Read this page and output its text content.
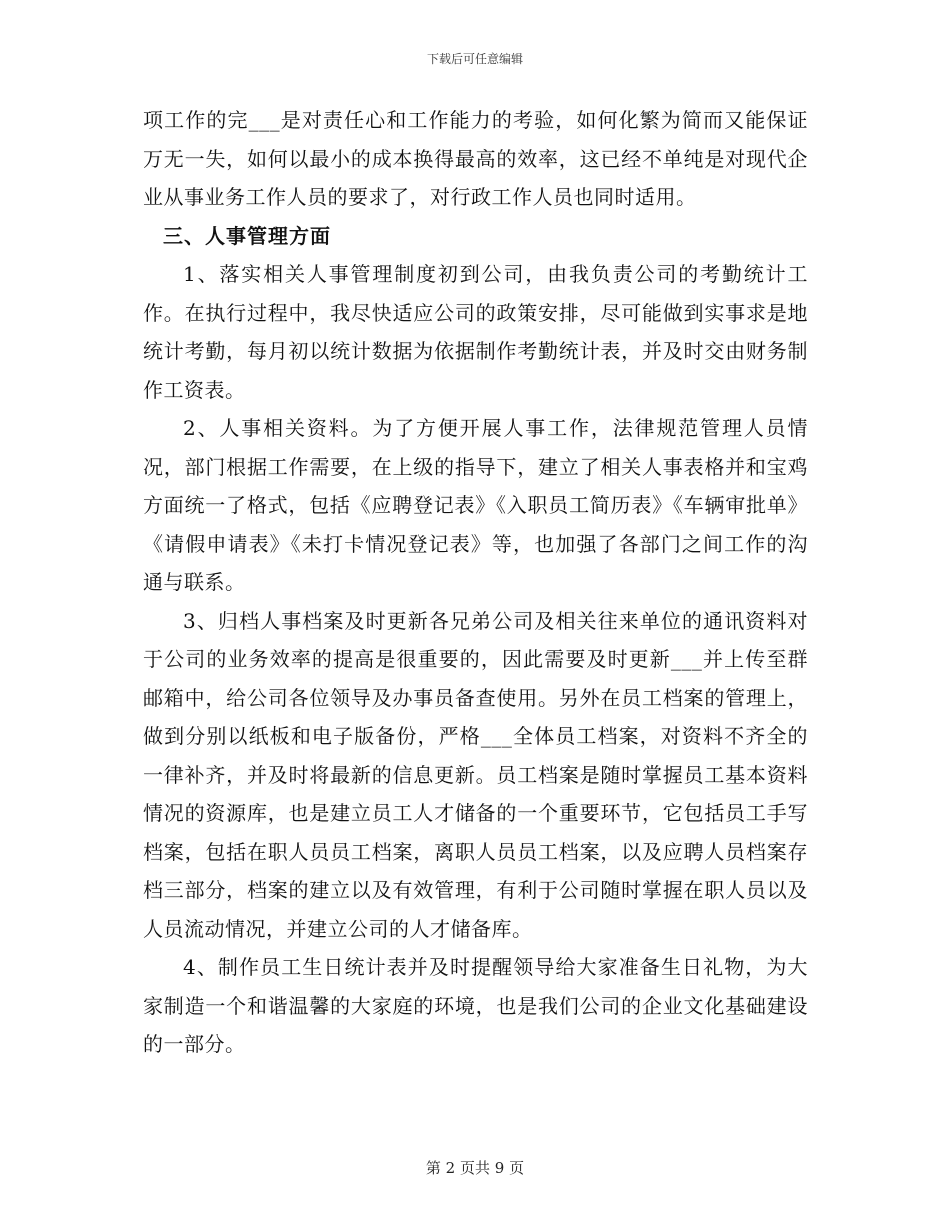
下载后可任意编辑

项工作的完___是对责任心和工作能力的考验，如何化繁为简而又能保证万无一失，如何以最小的成本换得最高的效率，这已经不单纯是对现代企业从事业务工作人员的要求了，对行政工作人员也同时适用。

三、人事管理方面

1、落实相关人事管理制度初到公司，由我负责公司的考勤统计工作。在执行过程中，我尽快适应公司的政策安排，尽可能做到实事求是地统计考勤，每月初以统计数据为依据制作考勤统计表，并及时交由财务制作工资表。

2、人事相关资料。为了方便开展人事工作，法律规范管理人员情况，部门根据工作需要，在上级的指导下，建立了相关人事表格并和宝鸡方面统一了格式，包括《应聘登记表》《入职员工简历表》《车辆审批单》《请假申请表》《未打卡情况登记表》等，也加强了各部门之间工作的沟通与联系。

3、归档人事档案及时更新各兄弟公司及相关往来单位的通讯资料对于公司的业务效率的提高是很重要的，因此需要及时更新___并上传至群邮箱中，给公司各位领导及办事员备查使用。另外在员工档案的管理上，做到分别以纸板和电子版备份，严格___全体员工档案，对资料不齐全的一律补齐，并及时将最新的信息更新。员工档案是随时掌握员工基本资料情况的资源库，也是建立员工人才储备的一个重要环节，它包括员工手写档案，包括在职人员员工档案，离职人员员工档案，以及应聘人员档案存档三部分，档案的建立以及有效管理，有利于公司随时掌握在职人员以及人员流动情况，并建立公司的人才储备库。

4、制作员工生日统计表并及时提醒领导给大家准备生日礼物，为大家制造一个和谐温馨的大家庭的环境，也是我们公司的企业文化基础建设的一部分。

第 2 页共 9 页
